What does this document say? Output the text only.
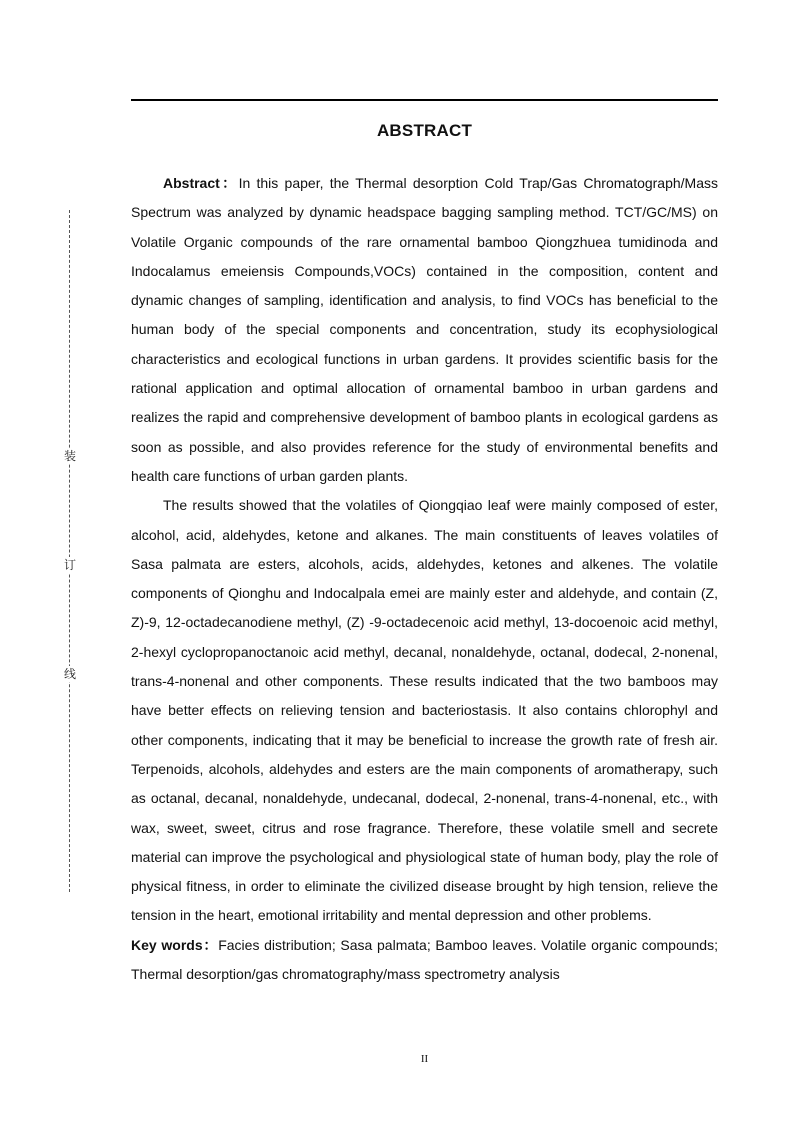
装
订
线
ABSTRACT

Abstract：In this paper, the Thermal desorption Cold Trap/Gas Chromatograph/Mass Spectrum was analyzed by dynamic headspace bagging sampling method. TCT/GC/MS) on Volatile Organic compounds of the rare ornamental bamboo Qiongzhuea tumidinoda and Indocalamus emeiensis Compounds,VOCs) contained in the composition, content and dynamic changes of sampling, identification and analysis, to find VOCs has beneficial to the human body of the special components and concentration, study its ecophysiological characteristics and ecological functions in urban gardens. It provides scientific basis for the rational application and optimal allocation of ornamental bamboo in urban gardens and realizes the rapid and comprehensive development of bamboo plants in ecological gardens as soon as possible, and also provides reference for the study of environmental benefits and health care functions of urban garden plants.

The results showed that the volatiles of Qiongqiao leaf were mainly composed of ester, alcohol, acid, aldehydes, ketone and alkanes. The main constituents of leaves volatiles of Sasa palmata are esters, alcohols, acids, aldehydes, ketones and alkenes. The volatile components of Qionghu and Indocalpala emei are mainly ester and aldehyde, and contain (Z, Z)-9, 12-octadecanodiene methyl, (Z) -9-octadecenoic acid methyl, 13-docoenoic acid methyl, 2-hexyl cyclopropanoctanoic acid methyl, decanal, nonaldehyde, octanal, dodecal, 2-nonenal, trans-4-nonenal and other components. These results indicated that the two bamboos may have better effects on relieving tension and bacteriostasis. It also contains chlorophyl and other components, indicating that it may be beneficial to increase the growth rate of fresh air. Terpenoids, alcohols, aldehydes and esters are the main components of aromatherapy, such as octanal, decanal, nonaldehyde, undecanal, dodecal, 2-nonenal, trans-4-nonenal, etc., with wax, sweet, sweet, citrus and rose fragrance. Therefore, these volatile smell and secrete material can improve the psychological and physiological state of human body, play the role of physical fitness, in order to eliminate the civilized disease brought by high tension, relieve the tension in the heart, emotional irritability and mental depression and other problems.

Key words：Facies distribution; Sasa palmata; Bamboo leaves. Volatile organic compounds; Thermal desorption/gas chromatography/mass spectrometry analysis

II
